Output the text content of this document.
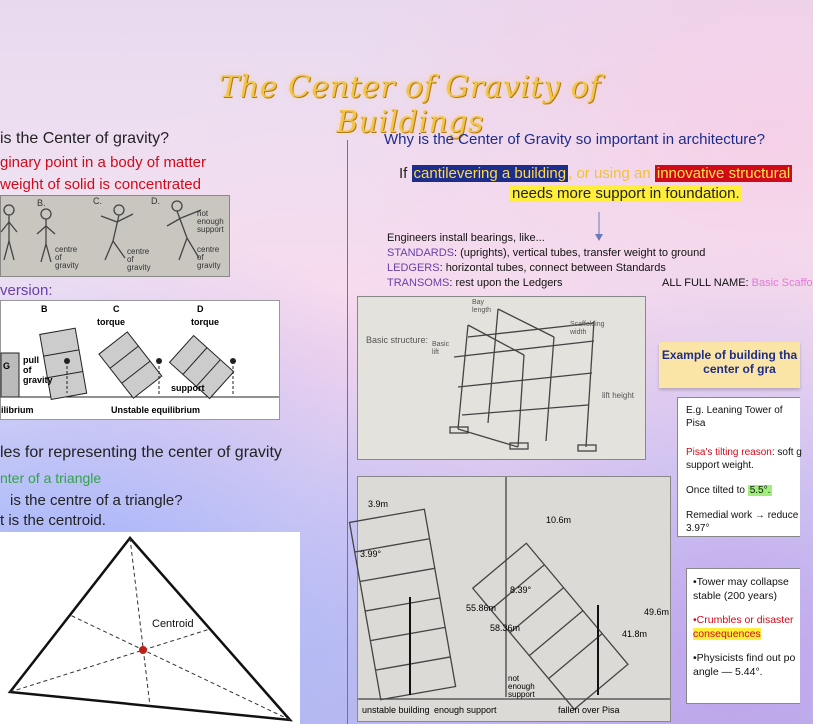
The Center of Gravity of Buildings
is the Center of gravity?
ginary point in a body of matter
weight of solid is concentrated
B.	C.	D.
centre of gravity
centre of gravity
not enough support
centre of gravity
version:
B	C	D
torque	torque
G
pull
of
gravity
support
ilibrium	Unstable equilibrium
les for representing the center of gravity
nter of a triangle
is the centre of a triangle?
t is the centroid.
Centroid
Why is the Center of Gravity so important in architecture?
If cantilevering a building , or using an innovative structural
needs more support in foundation.
Engineers install bearings, like...
STANDARDS: (uprights), vertical tubes, transfer weight to ground
LEDGERS: horizontal tubes, connect between Standards
TRANSOMS: rest upon the Ledgers	ALL FULL NAME: Basic Scaffo
Basic structure:
Bay length
Scaffolding width
Basic lift
lift height
Example of building tha
center of gra
E.g. Leaning Tower of Pisa
Pisa's tilting reason: soft g
support weight.
Once tilted to 5.5°.
Remedial work → reduce
3.97°
3.9m
3.99°
10.6m
8.39°
55.86m
58.36m
41.8m
49.6m
unstable building enough support
not enough support
fallen over Pisa
•Tower may collapse
stable (200 years)
•Crumbles or disaster
consequences
•Physicists find out po
angle — 5.44°.
